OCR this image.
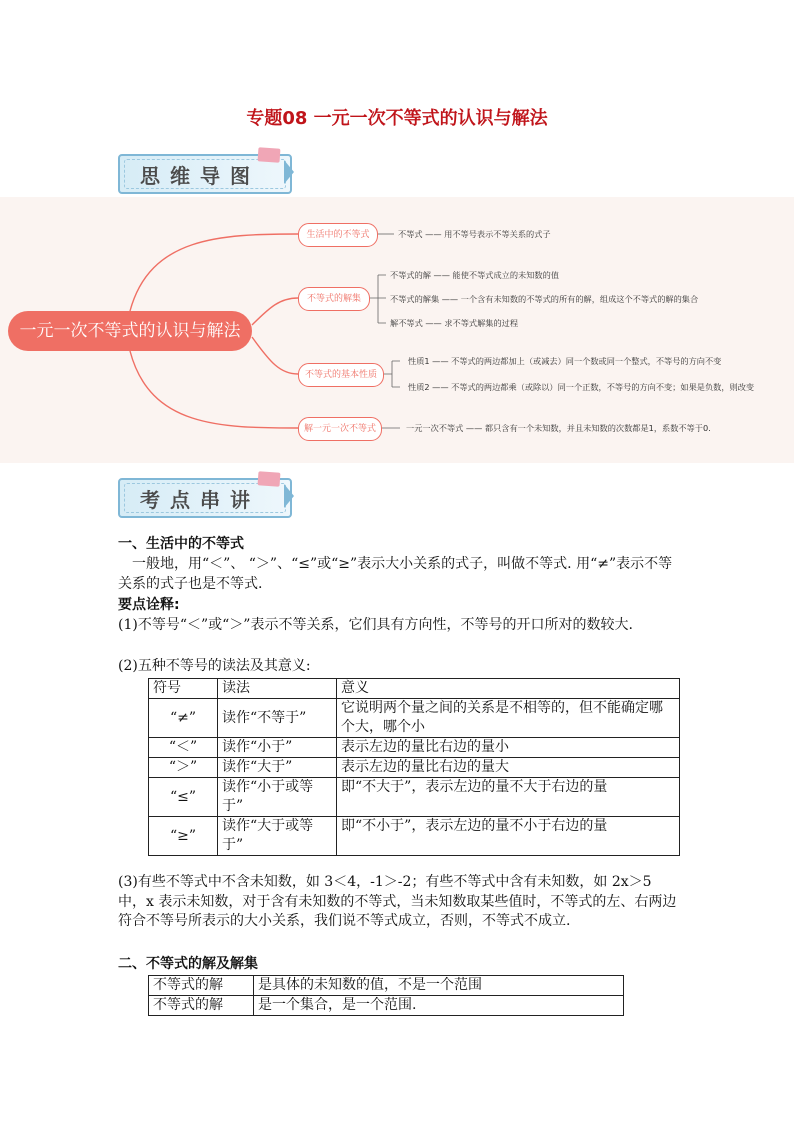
专题08 一元一次不等式的认识与解法
思维导图
一元一次不等式的认识与解法
生活中的不等式	不等式 —— 用不等号表示不等关系的式子
不等式的解集
不等式的解 —— 能使不等式成立的未知数的值
不等式的解集 —— 一个含有未知数的不等式的所有的解，组成这个不等式的解的集合
解不等式 —— 求不等式解集的过程
不等式的基本性质
性质1 —— 不等式的两边都加上（或减去）同一个数或同一个整式，不等号的方向不变
性质2 —— 不等式的两边都乘（或除以）同一个正数，不等号的方向不变；如果是负数，则改变
解一元一次不等式	一元一次不等式 —— 都只含有一个未知数，并且未知数的次数都是1，系数不等于0.
考点串讲
一、生活中的不等式
一般地，用“＜”、 “＞”、“≤”或“≥”表示大小关系的式子，叫做不等式. 用“≠”表示不等关系的式子也是不等式.
要点诠释:
(1)不等号“＜”或“＞”表示不等关系，它们具有方向性，不等号的开口所对的数较大.
(2)五种不等号的读法及其意义:
符号	读法	意义
“≠”	读作“不等于”	它说明两个量之间的关系是不相等的，但不能确定哪个大，哪个小
“＜”	读作“小于”	表示左边的量比右边的量小
“＞”	读作“大于”	表示左边的量比右边的量大
“≤”	读作“小于或等于”	即“不大于”，表示左边的量不大于右边的量
“≥”	读作“大于或等于”	即“不小于”，表示左边的量不小于右边的量
(3)有些不等式中不含未知数，如 3＜4，-1＞-2；有些不等式中含有未知数，如 2x＞5 中，x 表示未知数，对于含有未知数的不等式，当未知数取某些值时，不等式的左、右两边符合不等号所表示的大小关系，我们说不等式成立，否则，不等式不成立.
二、不等式的解及解集
不等式的解	是具体的未知数的值，不是一个范围
不等式的解	是一个集合，是一个范围.
